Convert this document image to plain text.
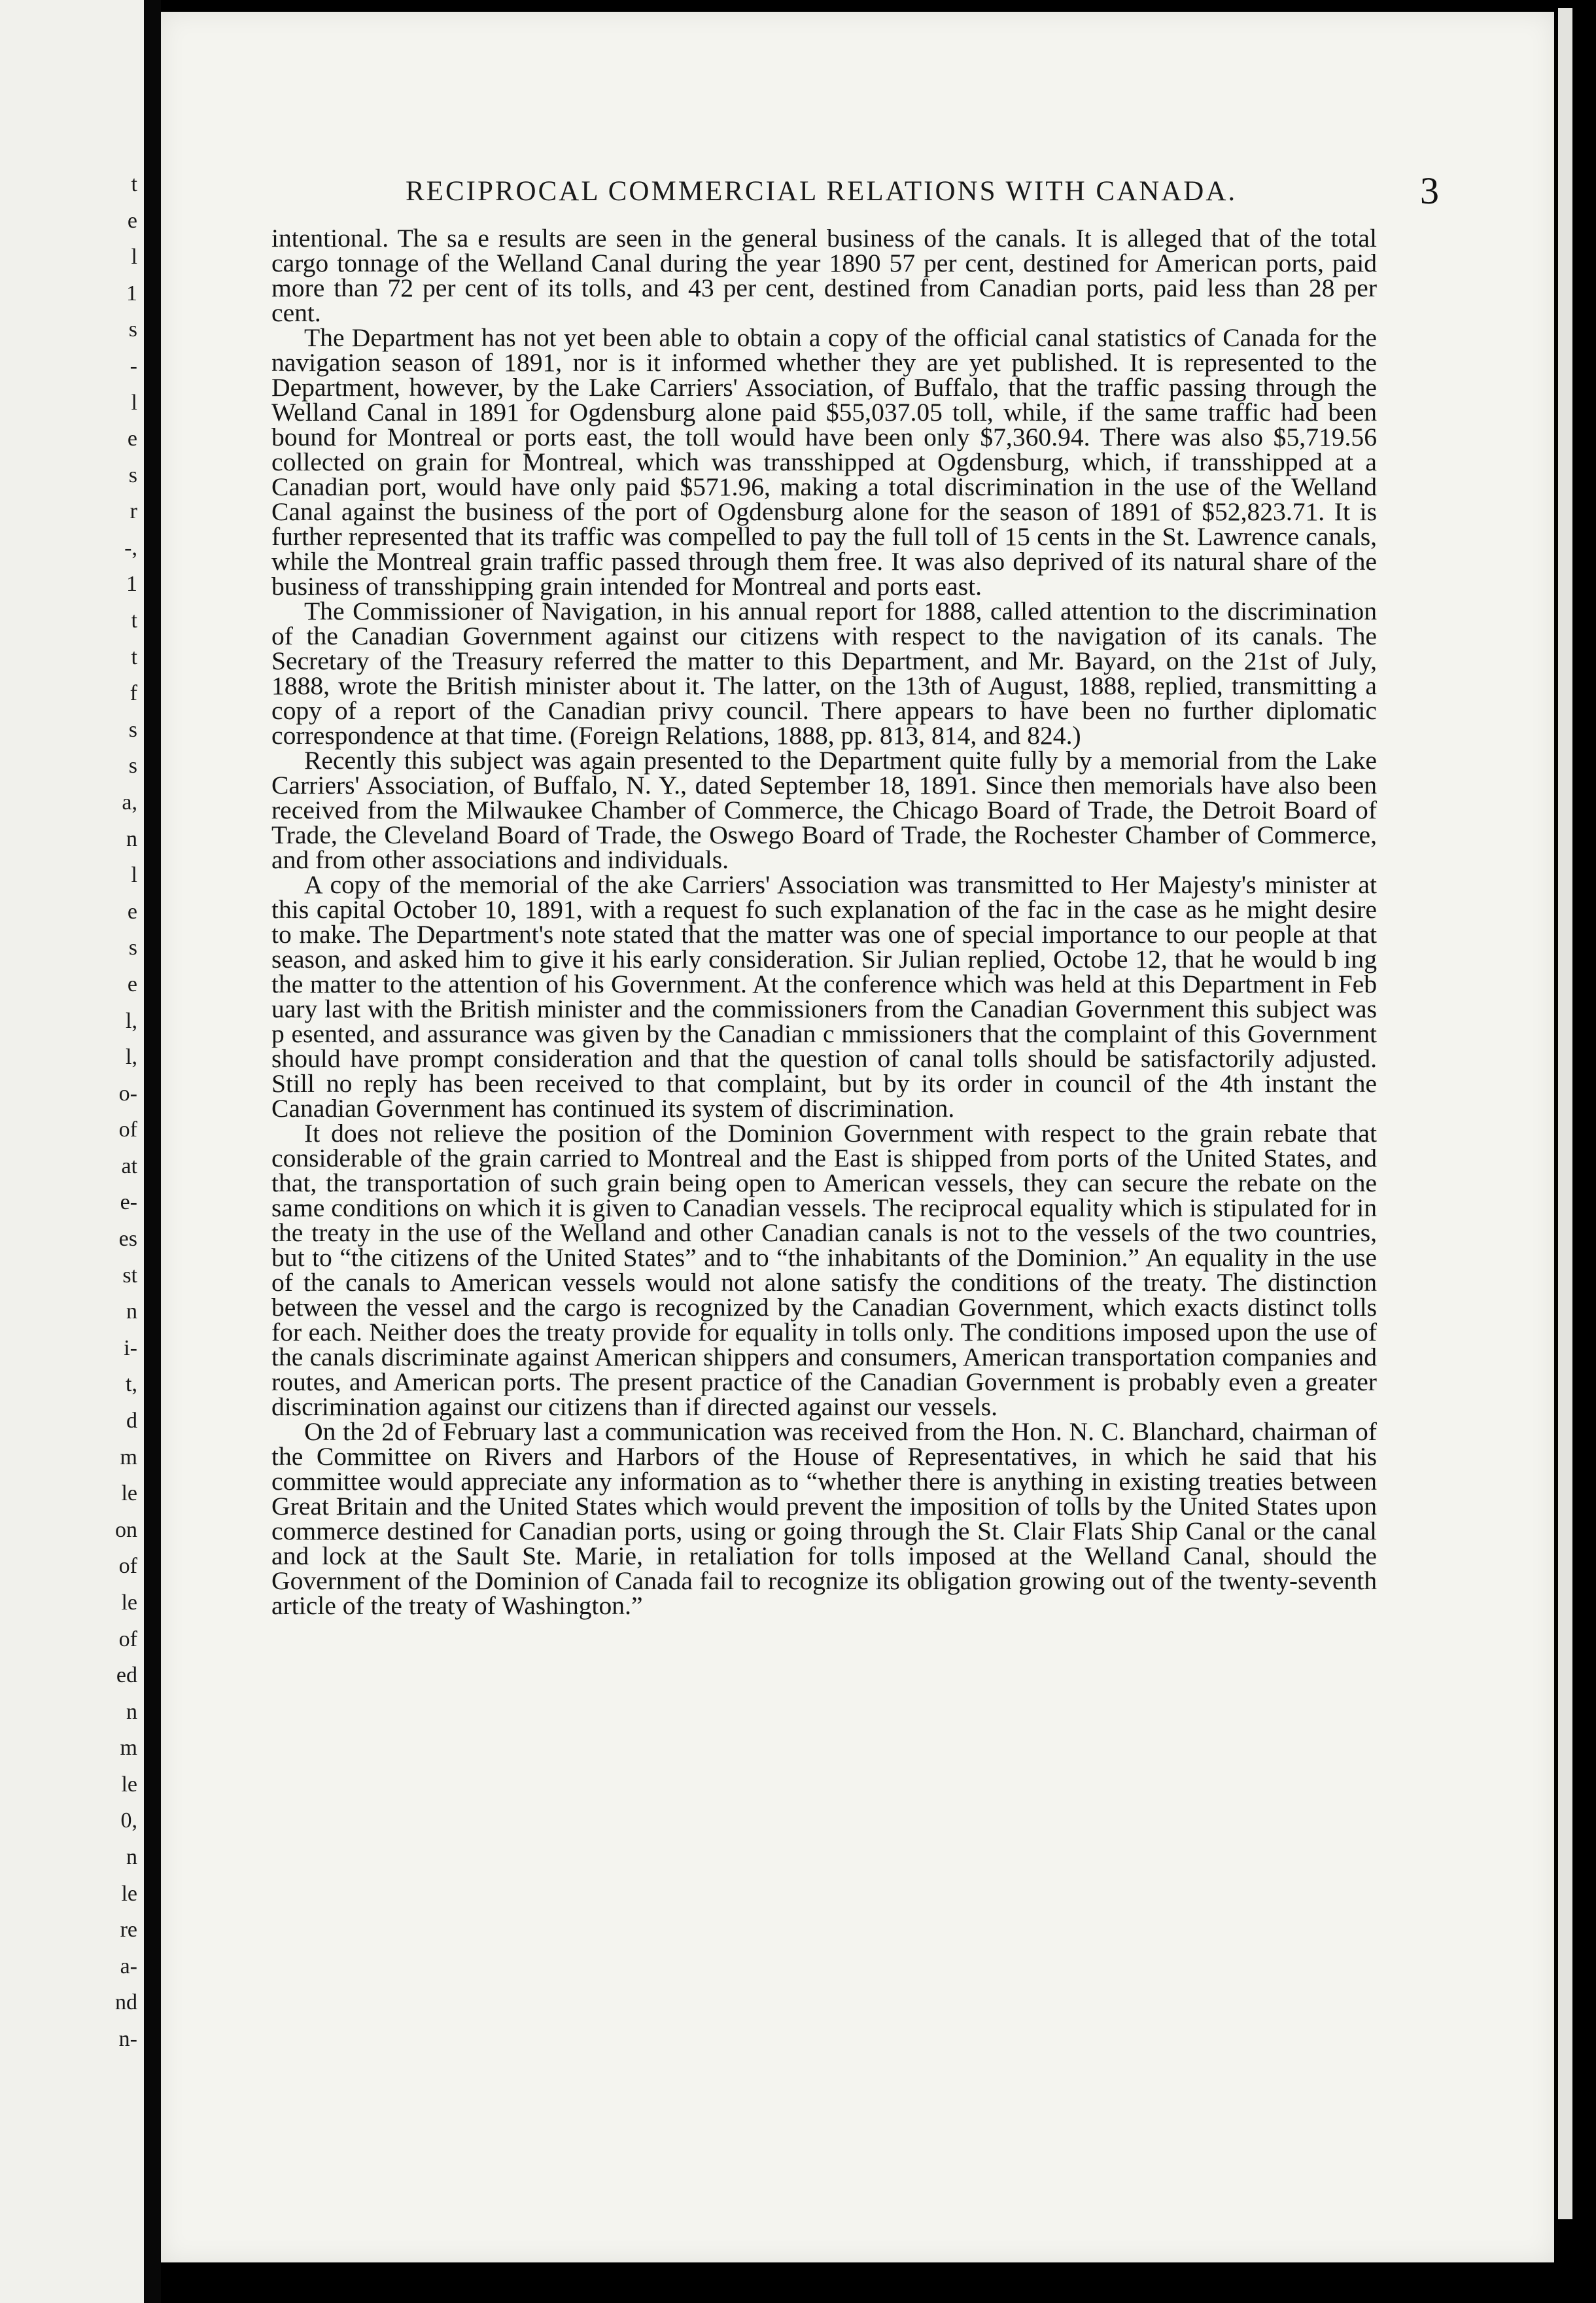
t
e
l
1
s
-
l
e
s
r
-,
1
t
t
f
s
s
a,
n
l
e
s
e
l,
l,
o-
of
at
e-
es
st
n
i-
t,
d
m
le
on
of
le
of
ed
n
m
le
0,
n
le
re
a-
nd
n-
RECIPROCAL COMMERCIAL RELATIONS WITH CANADA.	3

intentional. The sa e results are seen in the general business of the canals. It is alleged that of the total cargo tonnage of the Welland Canal during the year 1890 57 per cent, destined for American ports, paid more than 72 per cent of its tolls, and 43 per cent, destined from Canadian ports, paid less than 28 per cent.

The Department has not yet been able to obtain a copy of the official canal statistics of Canada for the navigation season of 1891, nor is it informed whether they are yet published. It is represented to the Department, however, by the Lake Carriers' Association, of Buffalo, that the traffic passing through the Welland Canal in 1891 for Ogdensburg alone paid $55,037.05 toll, while, if the same traffic had been bound for Montreal or ports east, the toll would have been only $7,360.94. There was also $5,719.56 collected on grain for Montreal, which was transshipped at Ogdensburg, which, if transshipped at a Canadian port, would have only paid $571.96, making a total discrimination in the use of the Welland Canal against the business of the port of Ogdensburg alone for the season of 1891 of $52,823.71. It is further represented that its traffic was compelled to pay the full toll of 15 cents in the St. Lawrence canals, while the Montreal grain traffic passed through them free. It was also deprived of its natural share of the business of transshipping grain intended for Montreal and ports east.

The Commissioner of Navigation, in his annual report for 1888, called attention to the discrimination of the Canadian Government against our citizens with respect to the navigation of its canals. The Secretary of the Treasury referred the matter to this Department, and Mr. Bayard, on the 21st of July, 1888, wrote the British minister about it. The latter, on the 13th of August, 1888, replied, transmitting a copy of a report of the Canadian privy council. There appears to have been no further diplomatic correspondence at that time. (Foreign Relations, 1888, pp. 813, 814, and 824.)

Recently this subject was again presented to the Department quite fully by a memorial from the Lake Carriers' Association, of Buffalo, N. Y., dated September 18, 1891. Since then memorials have also been received from the Milwaukee Chamber of Commerce, the Chicago Board of Trade, the Detroit Board of Trade, the Cleveland Board of Trade, the Oswego Board of Trade, the Rochester Chamber of Commerce, and from other associations and individuals.

A copy of the memorial of the ake Carriers' Association was transmitted to Her Majesty's minister at this capital October 10, 1891, with a request fo such explanation of the fac in the case as he might desire to make. The Department's note stated that the matter was one of special importance to our people at that season, and asked him to give it his early consideration. Sir Julian replied, Octobe 12, that he would b ing the matter to the attention of his Government. At the conference which was held at this Department in Feb uary last with the British minister and the commissioners from the Canadian Government this subject was p esented, and assurance was given by the Canadian c mmissioners that the complaint of this Government should have prompt consideration and that the question of canal tolls should be satisfactorily adjusted. Still no reply has been received to that complaint, but by its order in council of the 4th instant the Canadian Government has continued its system of discrimination.

It does not relieve the position of the Dominion Government with respect to the grain rebate that considerable of the grain carried to Montreal and the East is shipped from ports of the United States, and that, the transportation of such grain being open to American vessels, they can secure the rebate on the same conditions on which it is given to Canadian vessels. The reciprocal equality which is stipulated for in the treaty in the use of the Welland and other Canadian canals is not to the vessels of the two countries, but to “the citizens of the United States” and to “the inhabitants of the Dominion.” An equality in the use of the canals to American vessels would not alone satisfy the conditions of the treaty. The distinction between the vessel and the cargo is recognized by the Canadian Government, which exacts distinct tolls for each. Neither does the treaty provide for equality in tolls only. The conditions imposed upon the use of the canals discriminate against American shippers and consumers, American transportation companies and routes, and American ports. The present practice of the Canadian Government is probably even a greater discrimination against our citizens than if directed against our vessels.

On the 2d of February last a communication was received from the Hon. N. C. Blanchard, chairman of the Committee on Rivers and Harbors of the House of Representatives, in which he said that his committee would appreciate any information as to “whether there is anything in existing treaties between Great Britain and the United States which would prevent the imposition of tolls by the United States upon commerce destined for Canadian ports, using or going through the St. Clair Flats Ship Canal or the canal and lock at the Sault Ste. Marie, in retaliation for tolls imposed at the Welland Canal, should the Government of the Dominion of Canada fail to recognize its obligation growing out of the twenty-seventh article of the treaty of Washington.”
